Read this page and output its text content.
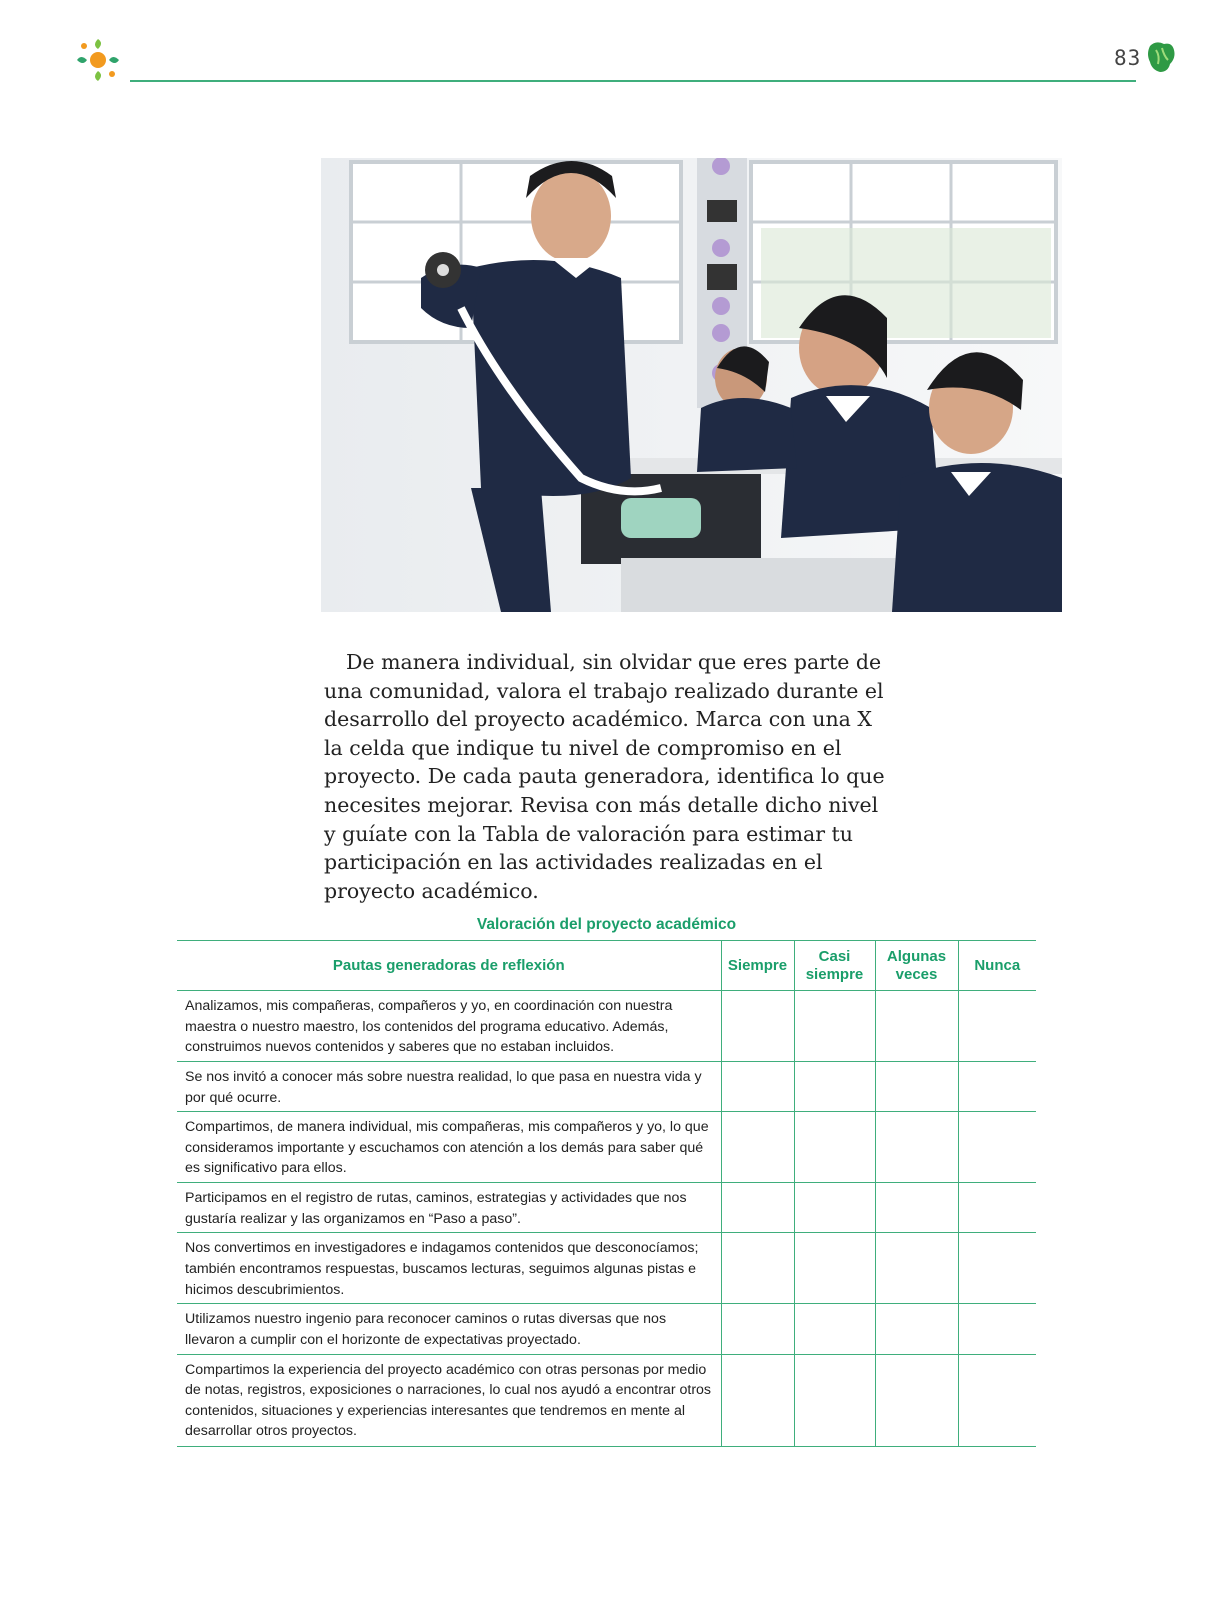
83

De manera individual, sin olvidar que eres parte de una comunidad, valora el trabajo realizado durante el desarrollo del proyecto académico. Marca con una X la celda que indique tu nivel de compromiso en el proyecto. De cada pauta generadora, identifica lo que necesites mejorar. Revisa con más detalle dicho nivel y guíate con la Tabla de valoración para estimar tu participación en las actividades realizadas en el proyecto académico.

Valoración del proyecto académico
Pautas generadoras de reflexión	Siempre	Casi siempre	Algunas veces	Nunca
Analizamos, mis compañeras, compañeros y yo, en coordinación con nuestra maestra o nuestro maestro, los contenidos del programa educativo. Además, construimos nuevos contenidos y saberes que no estaban incluidos.				
Se nos invitó a conocer más sobre nuestra realidad, lo que pasa en nuestra vida y por qué ocurre.				
Compartimos, de manera individual, mis compañeras, mis compañeros y yo, lo que consideramos importante y escuchamos con atención a los demás para saber qué es significativo para ellos.				
Participamos en el registro de rutas, caminos, estrategias y actividades que nos gustaría realizar y las organizamos en “Paso a paso”.				
Nos convertimos en investigadores e indagamos contenidos que desconocíamos; también encontramos respuestas, buscamos lecturas, seguimos algunas pistas e hicimos descubrimientos.				
Utilizamos nuestro ingenio para reconocer caminos o rutas diversas que nos llevaron a cumplir con el horizonte de expectativas proyectado.				
Compartimos la experiencia del proyecto académico con otras personas por medio de notas, registros, exposiciones o narraciones, lo cual nos ayudó a encontrar otros contenidos, situaciones y experiencias interesantes que tendremos en mente al desarrollar otros proyectos.				
